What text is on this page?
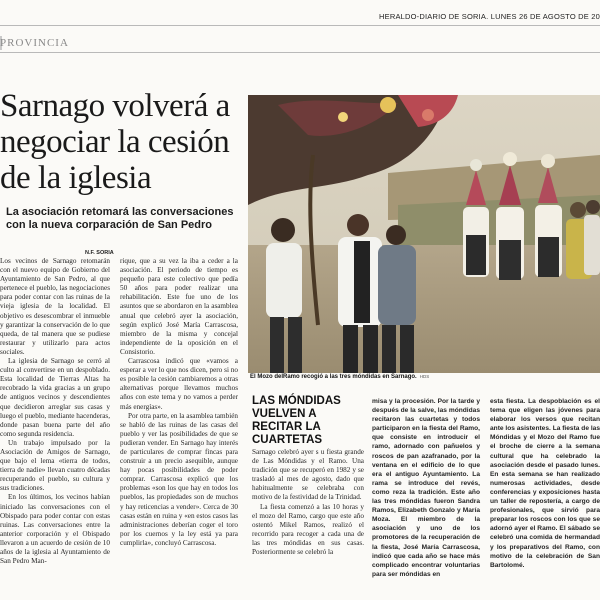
HERALDO-DIARIO DE SORIA. LUNES 26 DE AGOSTO DE 20
PROVINCIA
Sarnago volverá a negociar la cesión de la iglesia
La asociación retomará las conversaciones con la nueva corparación de San Pedro
N.F. SORIA

Los vecinos de Sarnago retomarán con el nuevo equipo de Gobierno del Ayuntamiento de San Pedro, al que pertenece el pueblo, las negociaciones para poder contar con las ruinas de la vieja iglesia de la localidad. El objetivo es desescombrar el inmueble y garantizar la conservación de lo que queda, de tal manera que se pudiese restaurar y utilizarlo para actos sociales.

La iglesia de Sarnago se cerró al culto al convertirse en un despoblado. Esta localidad de Tierras Altas ha recobrado la vida gracias a un grupo de antiguos vecinos y descendientes que decidieron arreglar sus casas y luego el pueblo, mediante hacenderas, donde pasan buena parte del año como segunda residencia.

Un trabajo impulsado por la Asociación de Amigos de Sarnago, que bajo el lema «tierra de todos, tierra de nadie» llevan cuatro décadas recuperando el pueblo, su cultura y sus tradiciones.

En los últimos, los vecinos habían iniciado las conversaciones con el Obispado para poder contar con estas ruinas. Las conversaciones entre la anterior corporación y el Obispado llevaron a un acuerdo de cesión de 10 años de la iglesia al Ayuntamiento de San Pedro Man-

rique, que a su vez la iba a ceder a la asociación. El periodo de tiempo es pequeño para este colectivo que pedía 50 años para poder realizar una rehabilitación. Este fue uno de los asuntos que se abordaron en la asamblea anual que celebró ayer la asociación, según explicó José María Carrascosa, miembro de la misma y concejal independiente de la oposición en el Consistorio.

Carrascosa indicó que «vamos a esperar a ver lo que nos dicen, pero si no es posible la cesión cambiaremos a otras alternativas porque llevamos muchos años con este tema y no vamos a perder más energías».

Por otra parte, en la asamblea también se habló de las ruinas de las casas del pueblo y ver las posibilidades de que se pudieran vender. En Sarnago hay interés de particulares de comprar fincas para construir a un precio asequible, aunque hay pocas posibilidades de poder comprar. Carrascosa explicó que los problemas «son los que hay en todos los pueblos, las propiedades son de muchos y hay reticencias a vender». Cerca de 30 casas están en ruina y «en estos casos las administraciones deberían coger el toro por los cuernos y la ley está ya para cumplirla», concluyó Carrascosa.

El Mozo delRamo recogió a las tres móndidas en Sarnago. HDS
LAS MÓNDIDAS VUELVEN A RECITAR LA CUARTETAS

Sarnago celebró ayer s u fiesta grande de Las Móndidas y el Ramo. Una tradición que se recuperó en 1982 y se trasladó al mes de agosto, dado que habitualmente se celebraba con motivo de la festividad de la Trinidad.

La fiesta comenzó a las 10 horas y el mozo del Ramo, cargo que este año ostentó Mikel Ramos, realizó el recorrido para recoger a cada una de las tres móndidas en sus casas. Posteriormente se celebró la

misa y la procesión. Por la tarde y después de la salve, las móndidas recitaron las cuartetas y todos participaron en la fiesta del Ramo, que consiste en introducir el ramo, adornado con pañuelos y roscos de pan azafranado, por la ventana en el edificio de lo que era el antiguo Ayuntamiento. La rama se introduce del revés, como reza la tradición. Este año las tres móndidas fueron Sandra Ramos, Elizabeth Gonzalo y María Moza. El miembro de la asociación y uno de los promotores de la recuperación de la fiesta, José María Carrascosa, indicó que cada año se hace más complicado encontrar voluntarias para ser móndidas en

esta fiesta. La despoblación es el tema que eligen las jóvenes para elaborar los versos que recitan ante los asistentes. La fiesta de las Móndidas y el Mozo del Ramo fue el broche de cierre a la semana cultural que ha celebrado la asociación desde el pasado lunes. En esta semana se han realizado numerosas actividades, desde conferencias y exposiciones hasta un taller de repostería, a cargo de profesionales, que sirvió para preparar los roscos con los que se adornó ayer el Ramo. El sábado se celebró una comida de hermandad y los preparativos del Ramo, con motivo de la celebración de San Bartolomé.
